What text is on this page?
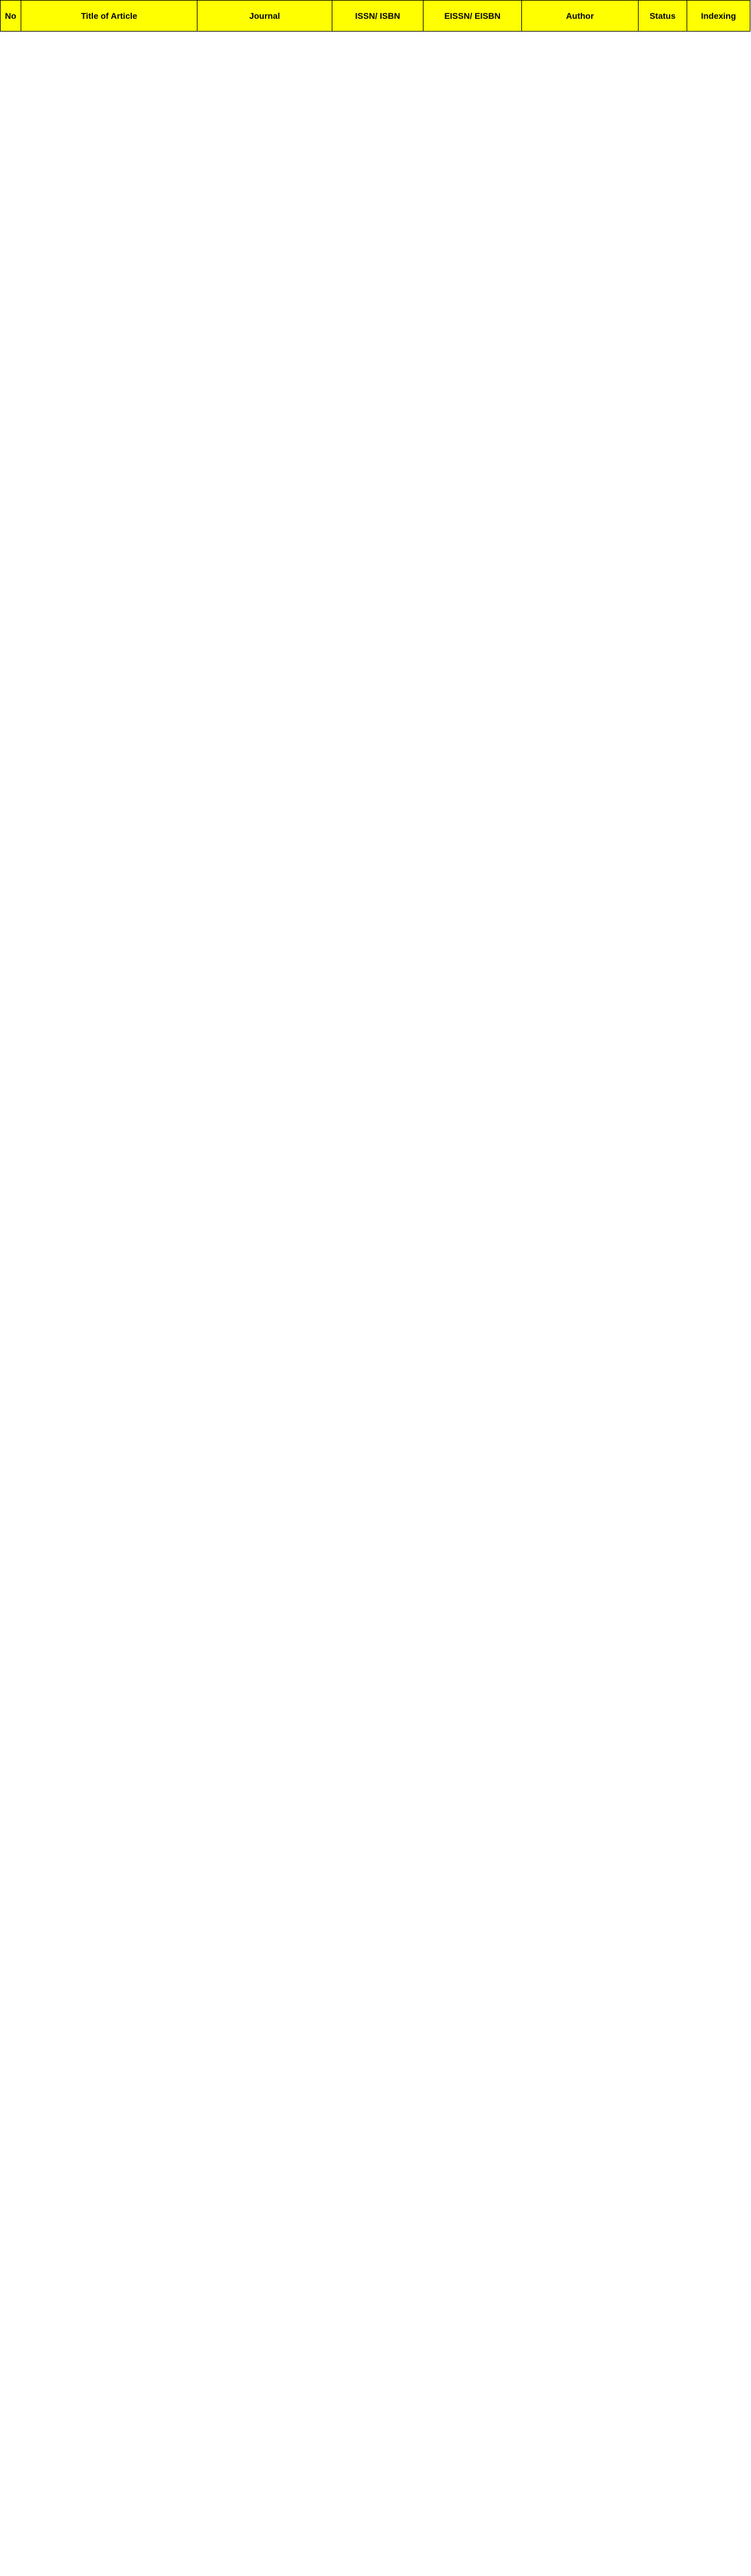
No	Title of Article	Journal	ISSN/ ISBN	EISSN/ EISBN	Author	Status	Indexing
